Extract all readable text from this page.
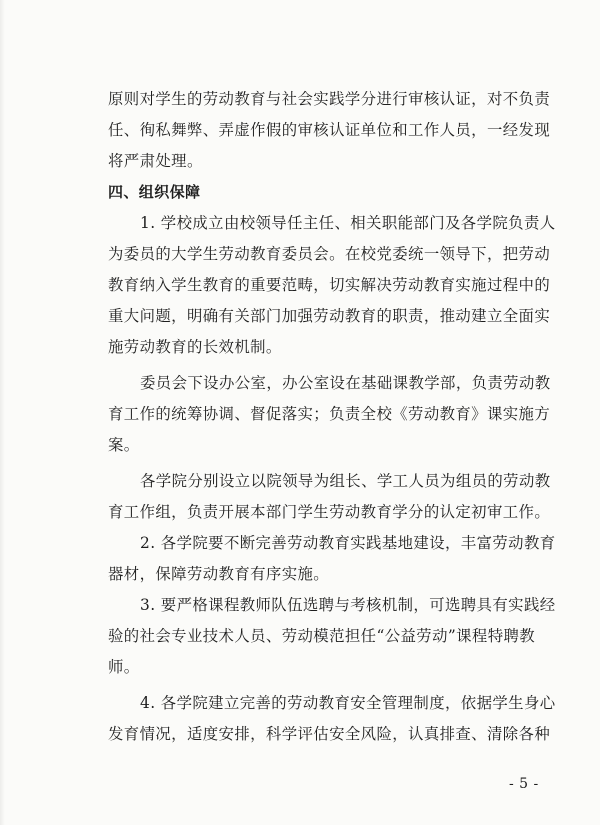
原则对学生的劳动教育与社会实践学分进行审核认证，对不负责
任、徇私舞弊、弄虚作假的审核认证单位和工作人员，一经发现
将严肃处理。
四、组织保障
1. 学校成立由校领导任主任、相关职能部门及各学院负责人
为委员的大学生劳动教育委员会。在校党委统一领导下，把劳动
教育纳入学生教育的重要范畴，切实解决劳动教育实施过程中的
重大问题，明确有关部门加强劳动教育的职责，推动建立全面实
施劳动教育的长效机制。
委员会下设办公室，办公室设在基础课教学部，负责劳动教
育工作的统筹协调、督促落实；负责全校《劳动教育》课实施方
案。
各学院分别设立以院领导为组长、学工人员为组员的劳动教
育工作组，负责开展本部门学生劳动教育学分的认定初审工作。
2. 各学院要不断完善劳动教育实践基地建设，丰富劳动教育
器材，保障劳动教育有序实施。
3. 要严格课程教师队伍选聘与考核机制，可选聘具有实践经
验的社会专业技术人员、劳动模范担任“公益劳动”课程特聘教
师。
4. 各学院建立完善的劳动教育安全管理制度，依据学生身心
发育情况，适度安排，科学评估安全风险，认真排查、清除各种
- 5 -
